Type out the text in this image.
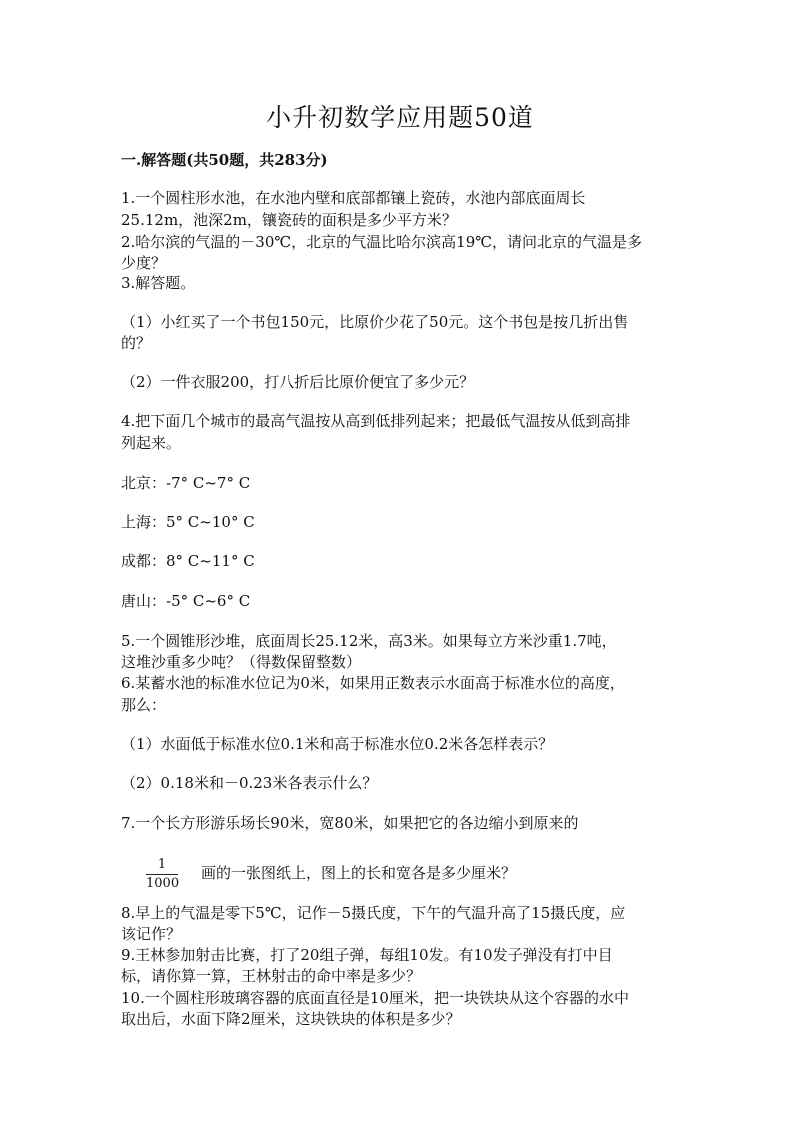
小升初数学应用题50道
一.解答题(共50题，共283分)
1.一个圆柱形水池，在水池内壁和底部都镶上瓷砖，水池内部底面周长
25.12m，池深2m，镶瓷砖的面积是多少平方米？
2.哈尔滨的气温的－30℃，北京的气温比哈尔滨高19℃，请问北京的气温是多
少度？
3.解答题。
（1）小红买了一个书包150元，比原价少花了50元。这个书包是按几折出售
的？
（2）一件衣服200，打八折后比原价便宜了多少元？
4.把下面几个城市的最高气温按从高到低排列起来；把最低气温按从低到高排
列起来。
北京：-7° C~7° C
上海：5° C~10° C
成都：8° C~11° C
唐山：-5° C~6° C
5.一个圆锥形沙堆，底面周长25.12米，高3米。如果每立方米沙重1.7吨，
这堆沙重多少吨？（得数保留整数）
6.某蓄水池的标准水位记为0米，如果用正数表示水面高于标准水位的高度，
那么：
（1）水面低于标准水位0.1米和高于标准水位0.2米各怎样表示？
（2）0.18米和－0.23米各表示什么？
7.一个长方形游乐场长90米，宽80米，如果把它的各边缩小到原来的
$\frac{1}{1000}$ 画的一张图纸上，图上的长和宽各是多少厘米？
8.早上的气温是零下5℃，记作－5摄氏度，下午的气温升高了15摄氏度，应
该记作？
9.王林参加射击比赛，打了20组子弹，每组10发。有10发子弹没有打中目
标，请你算一算，王林射击的命中率是多少？
10.一个圆柱形玻璃容器的底面直径是10厘米，把一块铁块从这个容器的水中
取出后，水面下降2厘米，这块铁块的体积是多少？
